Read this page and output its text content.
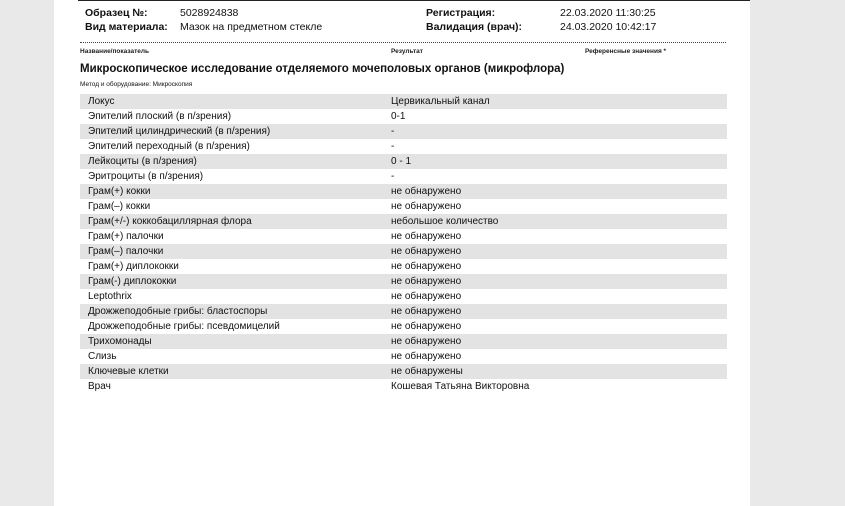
Образец №:	5028924838
Вид материала: Мазок на предметном стекле
Регистрация:	22.03.2020 11:30:25
Валидация (врач):	24.03.2020 10:42:17
Название/показатель	Результат	Референсные значения *
Микроскопическое исследование отделяемого мочеполовых органов (микрофлора)
Метод и оборудование: Микроскопия
Локус	Цервикальный канал
Эпителий плоский (в п/зрения)	0-1
Эпителий цилиндрический (в п/зрения)	-
Эпителий переходный (в п/зрения)	-
Лейкоциты (в п/зрения)	0 - 1
Эритроциты (в п/зрения)	-
Грам(+) кокки	не обнаружено
Грам(–) кокки	не обнаружено
Грам(+/-) коккобациллярная флора	небольшое количество
Грам(+) палочки	не обнаружено
Грам(–) палочки	не обнаружено
Грам(+) диплококки	не обнаружено
Грам(-) диплококки	не обнаружено
Leptothrix	не обнаружено
Дрожжеподобные грибы: бластоспоры	не обнаружено
Дрожжеподобные грибы: псевдомицелий	не обнаружено
Трихомонады	не обнаружено
Слизь	не обнаружено
Ключевые клетки	не обнаружены
Врач	Кошевая Татьяна Викторовна
